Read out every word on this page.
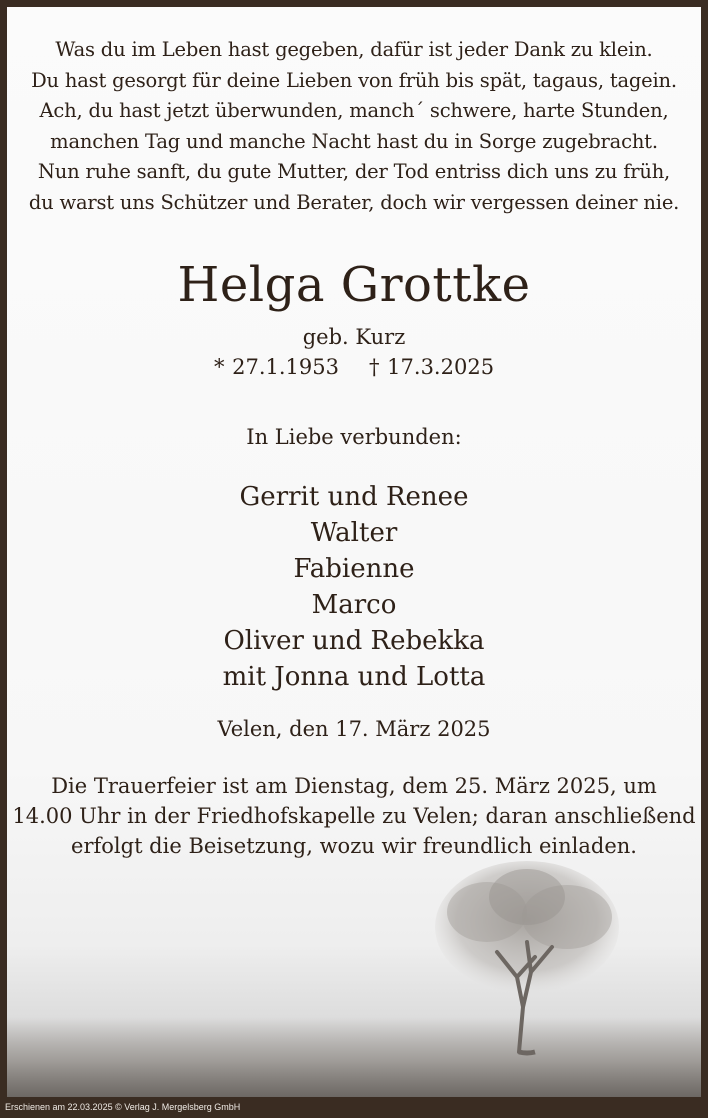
Was du im Leben hast gegeben, dafür ist jeder Dank zu klein.
Du hast gesorgt für deine Lieben von früh bis spät, tagaus, tagein.
Ach, du hast jetzt überwunden, manch´ schwere, harte Stunden,
manchen Tag und manche Nacht hast du in Sorge zugebracht.
Nun ruhe sanft, du gute Mutter, der Tod entriss dich uns zu früh,
du warst uns Schützer und Berater, doch wir vergessen deiner nie.
Helga Grottke
geb. Kurz
* 27.1.1953 † 17.3.2025
In Liebe verbunden:
Gerrit und Renee
Walter
Fabienne
Marco
Oliver und Rebekka
mit Jonna und Lotta
Velen, den 17. März 2025
Die Trauerfeier ist am Dienstag, dem 25. März 2025, um
14.00 Uhr in der Friedhofskapelle zu Velen; daran anschließend
erfolgt die Beisetzung, wozu wir freundlich einladen.
Erschienen am 22.03.2025 © Verlag J. Mergelsberg GmbH
